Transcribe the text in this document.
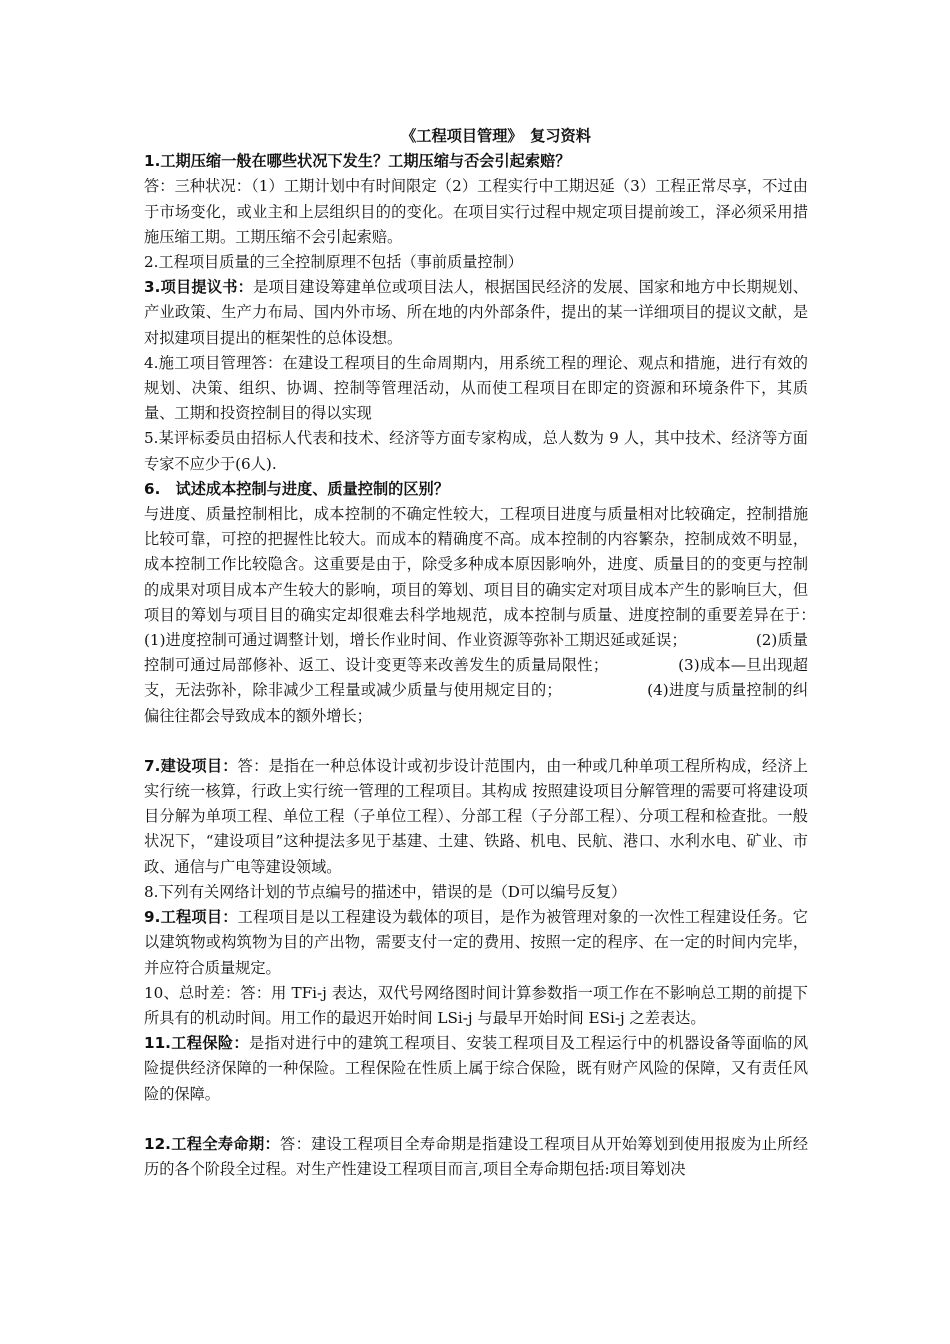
《工程项目管理》　复习资料

1.工期压缩一般在哪些状况下发生？工期压缩与否会引起索赔？

答：三种状况：（1）工期计划中有时间限定（2）工程实行中工期迟延（3）工程正常尽享，不过由于市场变化，或业主和上层组织目的的变化。在项目实行过程中规定项目提前竣工，泽必须采用措施压缩工期。工期压缩不会引起索赔。

2.工程项目质量的三全控制原理不包括（事前质量控制）

3.项目提议书：是项目建设筹建单位或项目法人，根据国民经济的发展、国家和地方中长期规划、产业政策、生产力布局、国内外市场、所在地的内外部条件，提出的某一详细项目的提议文献，是对拟建项目提出的框架性的总体设想。

4.施工项目管理答：在建设工程项目的生命周期内，用系统工程的理论、观点和措施，进行有效的规划、决策、组织、协调、控制等管理活动，从而使工程项目在即定的资源和环境条件下，其质量、工期和投资控制目的得以实现

5.某评标委员由招标人代表和技术、经济等方面专家构成，总人数为 9 人，其中技术、经济等方面专家不应少于(6人).

6.　试述成本控制与进度、质量控制的区别？

与进度、质量控制相比，成本控制的不确定性较大，工程项目进度与质量相对比较确定，控制措施比较可靠，可控的把握性比较大。而成本的精确度不高。成本控制的内容繁杂，控制成效不明显，成本控制工作比较隐含。这重要是由于，除受多种成本原因影响外，进度、质量目的的变更与控制的成果对项目成本产生较大的影响，项目的筹划、项目目的确实定对项目成本产生的影响巨大，但项目的筹划与项目目的确实定却很难去科学地规范，成本控制与质量、进度控制的重要差异在于：　　　　　　(1)进度控制可通过调整计划，增长作业时间、作业资源等弥补工期迟延或延误；　　　　　(2)质量控制可通过局部修补、返工、设计变更等来改善发生的质量局限性；　　　　　(3)成本—旦出现超支，无法弥补，除非减少工程量或减少质量与使用规定目的；　　　　　　(4)进度与质量控制的纠偏往往都会导致成本的额外增长；

7.建设项目：答：是指在一种总体设计或初步设计范围内，由一种或几种单项工程所构成，经济上实行统一核算，行政上实行统一管理的工程项目。其构成 按照建设项目分解管理的需要可将建设项目分解为单项工程、单位工程（子单位工程）、分部工程（子分部工程）、分项工程和检查批。一般状况下，“建设项目”这种提法多见于基建、土建、铁路、机电、民航、港口、水利水电、矿业、市政、通信与广电等建设领域。

8.下列有关网络计划的节点编号的描述中，错误的是（D可以编号反复）

9.工程项目：工程项目是以工程建设为载体的项目，是作为被管理对象的一次性工程建设任务。它以建筑物或构筑物为目的产出物，需要支付一定的费用、按照一定的程序、在一定的时间内完毕，并应符合质量规定。

10、总时差：答：用 TFi-j 表达，双代号网络图时间计算参数指一项工作在不影响总工期的前提下所具有的机动时间。用工作的最迟开始时间 LSi-j 与最早开始时间 ESi-j 之差表达。

11.工程保险：是指对进行中的建筑工程项目、安装工程项目及工程运行中的机器设备等面临的风险提供经济保障的一种保险。工程保险在性质上属于综合保险，既有财产风险的保障，又有责任风险的保障。

12.工程全寿命期：答：建设工程项目全寿命期是指建设工程项目从开始筹划到使用报废为止所经历的各个阶段全过程。对生产性建设工程项目而言,项目全寿命期包括:项目筹划决
